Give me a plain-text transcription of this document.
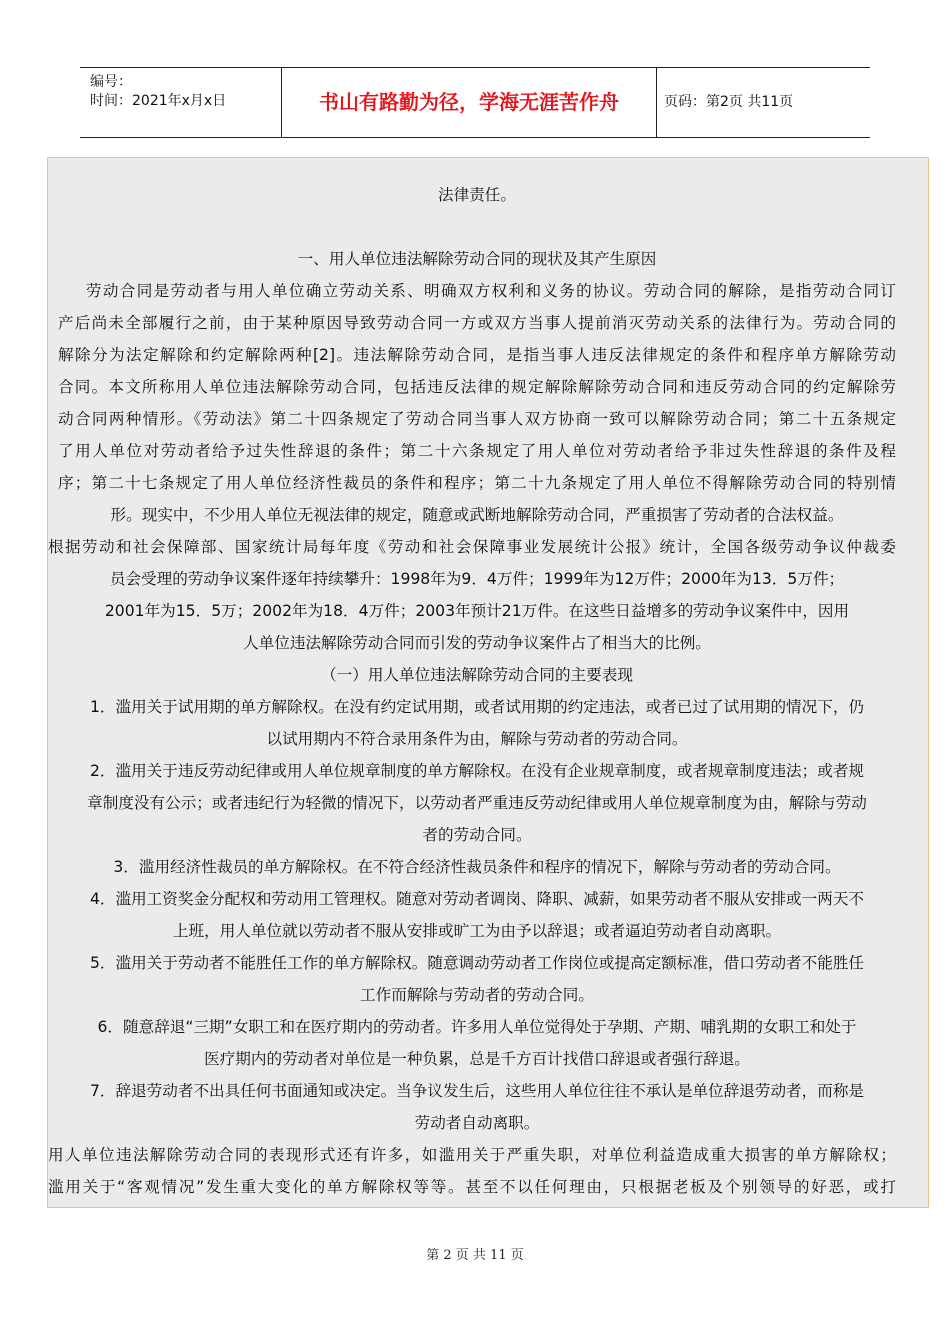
编号：
时间：2021年x月x日	书山有路勤为径，学海无涯苦作舟	页码：第2页 共11页
法律责任。
一、用人单位违法解除劳动合同的现状及其产生原因
劳动合同是劳动者与用人单位确立劳动关系、明确双方权利和义务的协议。劳动合同的解除，是指劳动合同订
产后尚未全部履行之前，由于某种原因导致劳动合同一方或双方当事人提前消灭劳动关系的法律行为。劳动合同的
解除分为法定解除和约定解除两种[2]。违法解除劳动合同，是指当事人违反法律规定的条件和程序单方解除劳动
合同。本文所称用人单位违法解除劳动合同，包括违反法律的规定解除解除劳动合同和违反劳动合同的约定解除劳
动合同两种情形。《劳动法》第二十四条规定了劳动合同当事人双方协商一致可以解除劳动合同；第二十五条规定
了用人单位对劳动者给予过失性辞退的条件；第二十六条规定了用人单位对劳动者给予非过失性辞退的条件及程
序；第二十七条规定了用人单位经济性裁员的条件和程序；第二十九条规定了用人单位不得解除劳动合同的特别情
形。现实中，不少用人单位无视法律的规定，随意或武断地解除劳动合同，严重损害了劳动者的合法权益。
根据劳动和社会保障部、国家统计局每年度《劳动和社会保障事业发展统计公报》统计，全国各级劳动争议仲裁委
员会受理的劳动争议案件逐年持续攀升：1998年为9．4万件；1999年为12万件；2000年为13．5万件；
2001年为15．5万；2002年为18．4万件；2003年预计21万件。在这些日益增多的劳动争议案件中，因用
人单位违法解除劳动合同而引发的劳动争议案件占了相当大的比例。
（一）用人单位违法解除劳动合同的主要表现
1．滥用关于试用期的单方解除权。在没有约定试用期，或者试用期的约定违法，或者已过了试用期的情况下，仍
以试用期内不符合录用条件为由，解除与劳动者的劳动合同。
2．滥用关于违反劳动纪律或用人单位规章制度的单方解除权。在没有企业规章制度，或者规章制度违法；或者规
章制度没有公示；或者违纪行为轻微的情况下，以劳动者严重违反劳动纪律或用人单位规章制度为由，解除与劳动
者的劳动合同。
3．滥用经济性裁员的单方解除权。在不符合经济性裁员条件和程序的情况下，解除与劳动者的劳动合同。
4．滥用工资奖金分配权和劳动用工管理权。随意对劳动者调岗、降职、减薪，如果劳动者不服从安排或一两天不
上班，用人单位就以劳动者不服从安排或旷工为由予以辞退；或者逼迫劳动者自动离职。
5．滥用关于劳动者不能胜任工作的单方解除权。随意调动劳动者工作岗位或提高定额标准，借口劳动者不能胜任
工作而解除与劳动者的劳动合同。
6．随意辞退“三期”女职工和在医疗期内的劳动者。许多用人单位觉得处于孕期、产期、哺乳期的女职工和处于
医疗期内的劳动者对单位是一种负累，总是千方百计找借口辞退或者强行辞退。
7．辞退劳动者不出具任何书面通知或决定。当争议发生后，这些用人单位往往不承认是单位辞退劳动者，而称是
劳动者自动离职。
用人单位违法解除劳动合同的表现形式还有许多，如滥用关于严重失职，对单位利益造成重大损害的单方解除权；
滥用关于“客观情况”发生重大变化的单方解除权等等。甚至不以任何理由，只根据老板及个别领导的好恶，或打
第 2 页 共 11 页
